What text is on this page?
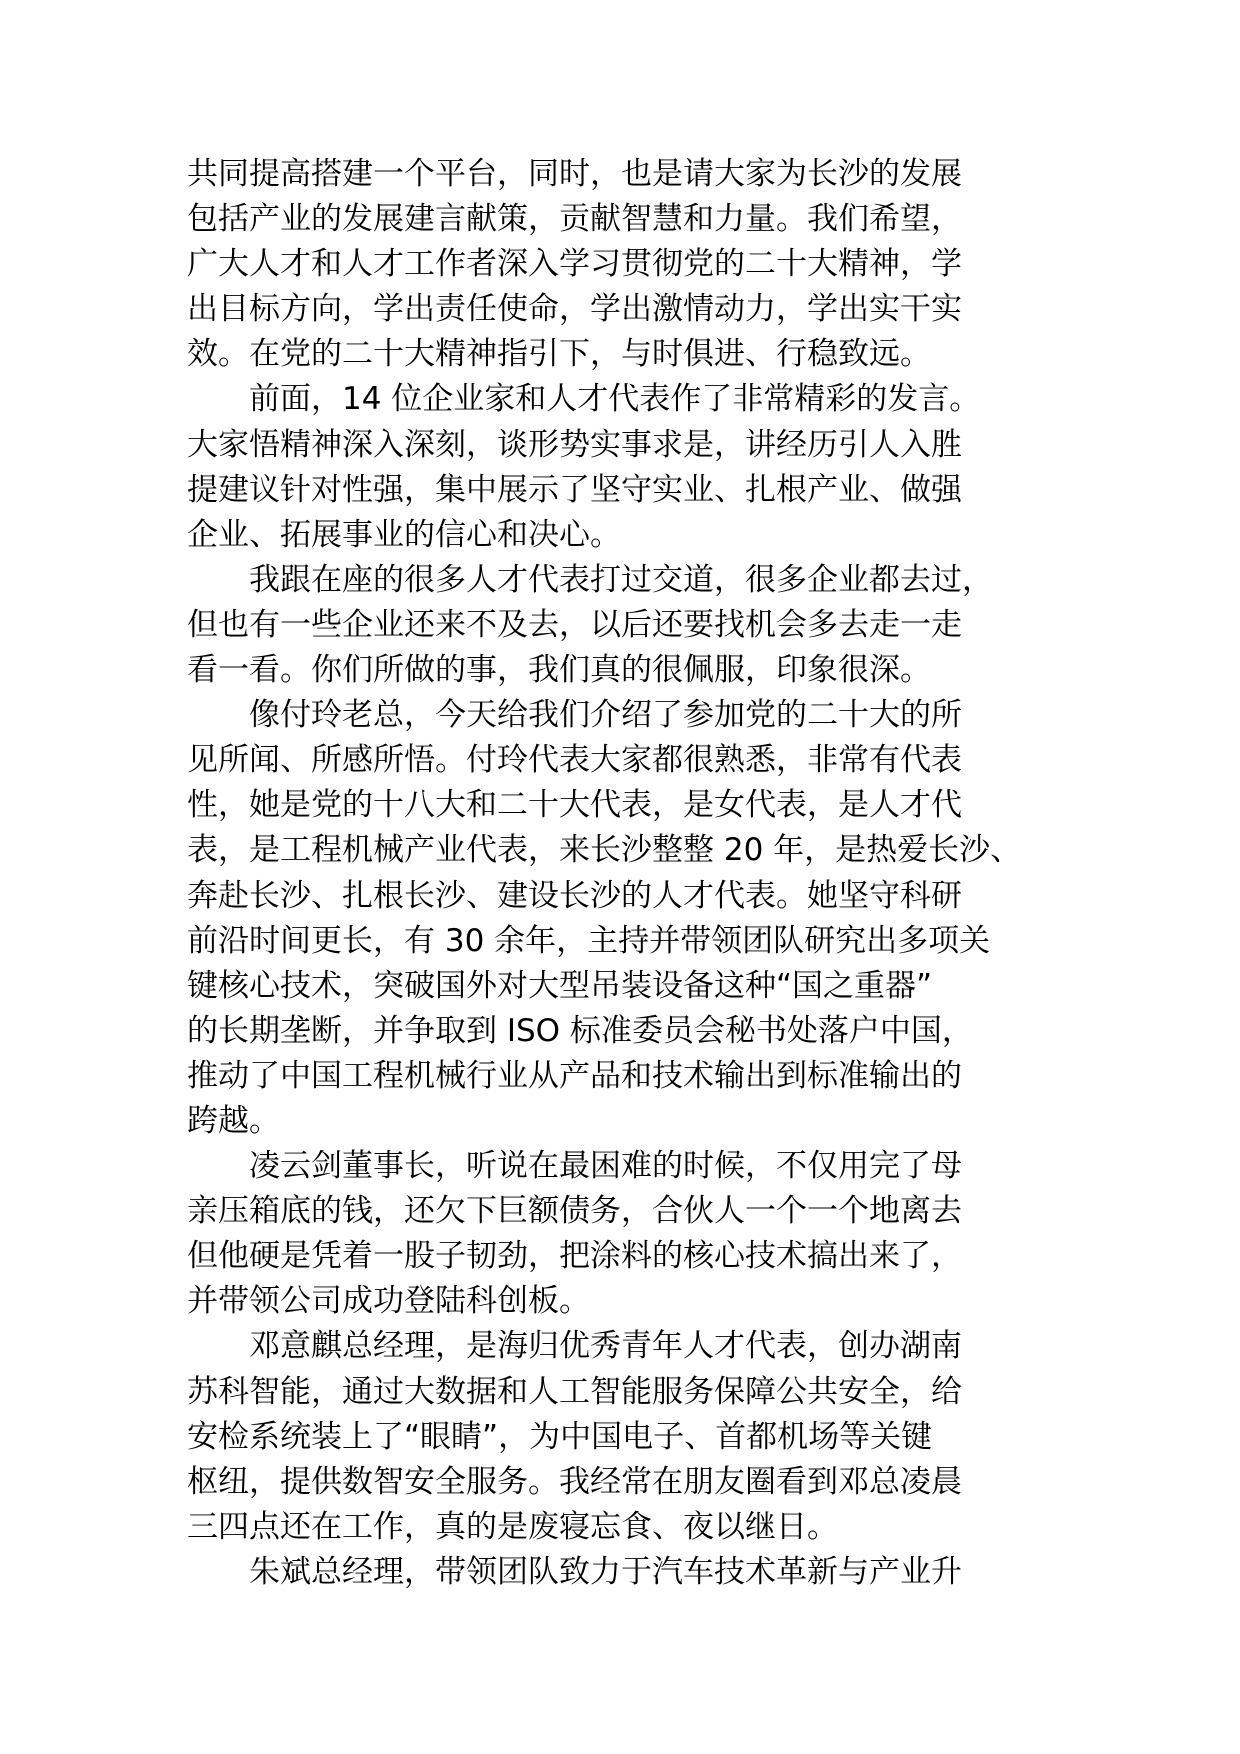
共同提高搭建一个平台，同时，也是请大家为长沙的发展
包括产业的发展建言献策，贡献智慧和力量。我们希望，
广大人才和人才工作者深入学习贯彻党的二十大精神，学
出目标方向，学出责任使命，学出激情动力，学出实干实
效。在党的二十大精神指引下，与时俱进、行稳致远。
前面，14 位企业家和人才代表作了非常精彩的发言。
大家悟精神深入深刻，谈形势实事求是，讲经历引人入胜
提建议针对性强，集中展示了坚守实业、扎根产业、做强
企业、拓展事业的信心和决心。
我跟在座的很多人才代表打过交道，很多企业都去过，
但也有一些企业还来不及去，以后还要找机会多去走一走
看一看。你们所做的事，我们真的很佩服，印象很深。
像付玲老总，今天给我们介绍了参加党的二十大的所
见所闻、所感所悟。付玲代表大家都很熟悉，非常有代表
性，她是党的十八大和二十大代表，是女代表，是人才代
表，是工程机械产业代表，来长沙整整 20 年，是热爱长沙、
奔赴长沙、扎根长沙、建设长沙的人才代表。她坚守科研
前沿时间更长，有 30 余年，主持并带领团队研究出多项关
键核心技术，突破国外对大型吊装设备这种“国之重器”
的长期垄断，并争取到 ISO 标准委员会秘书处落户中国，
推动了中国工程机械行业从产品和技术输出到标准输出的
跨越。
凌云剑董事长，听说在最困难的时候，不仅用完了母
亲压箱底的钱，还欠下巨额债务，合伙人一个一个地离去
但他硬是凭着一股子韧劲，把涂料的核心技术搞出来了，
并带领公司成功登陆科创板。
邓意麒总经理，是海归优秀青年人才代表，创办湖南
苏科智能，通过大数据和人工智能服务保障公共安全，给
安检系统装上了“眼睛”，为中国电子、首都机场等关键
枢纽，提供数智安全服务。我经常在朋友圈看到邓总凌晨
三四点还在工作，真的是废寝忘食、夜以继日。
朱斌总经理，带领团队致力于汽车技术革新与产业升
